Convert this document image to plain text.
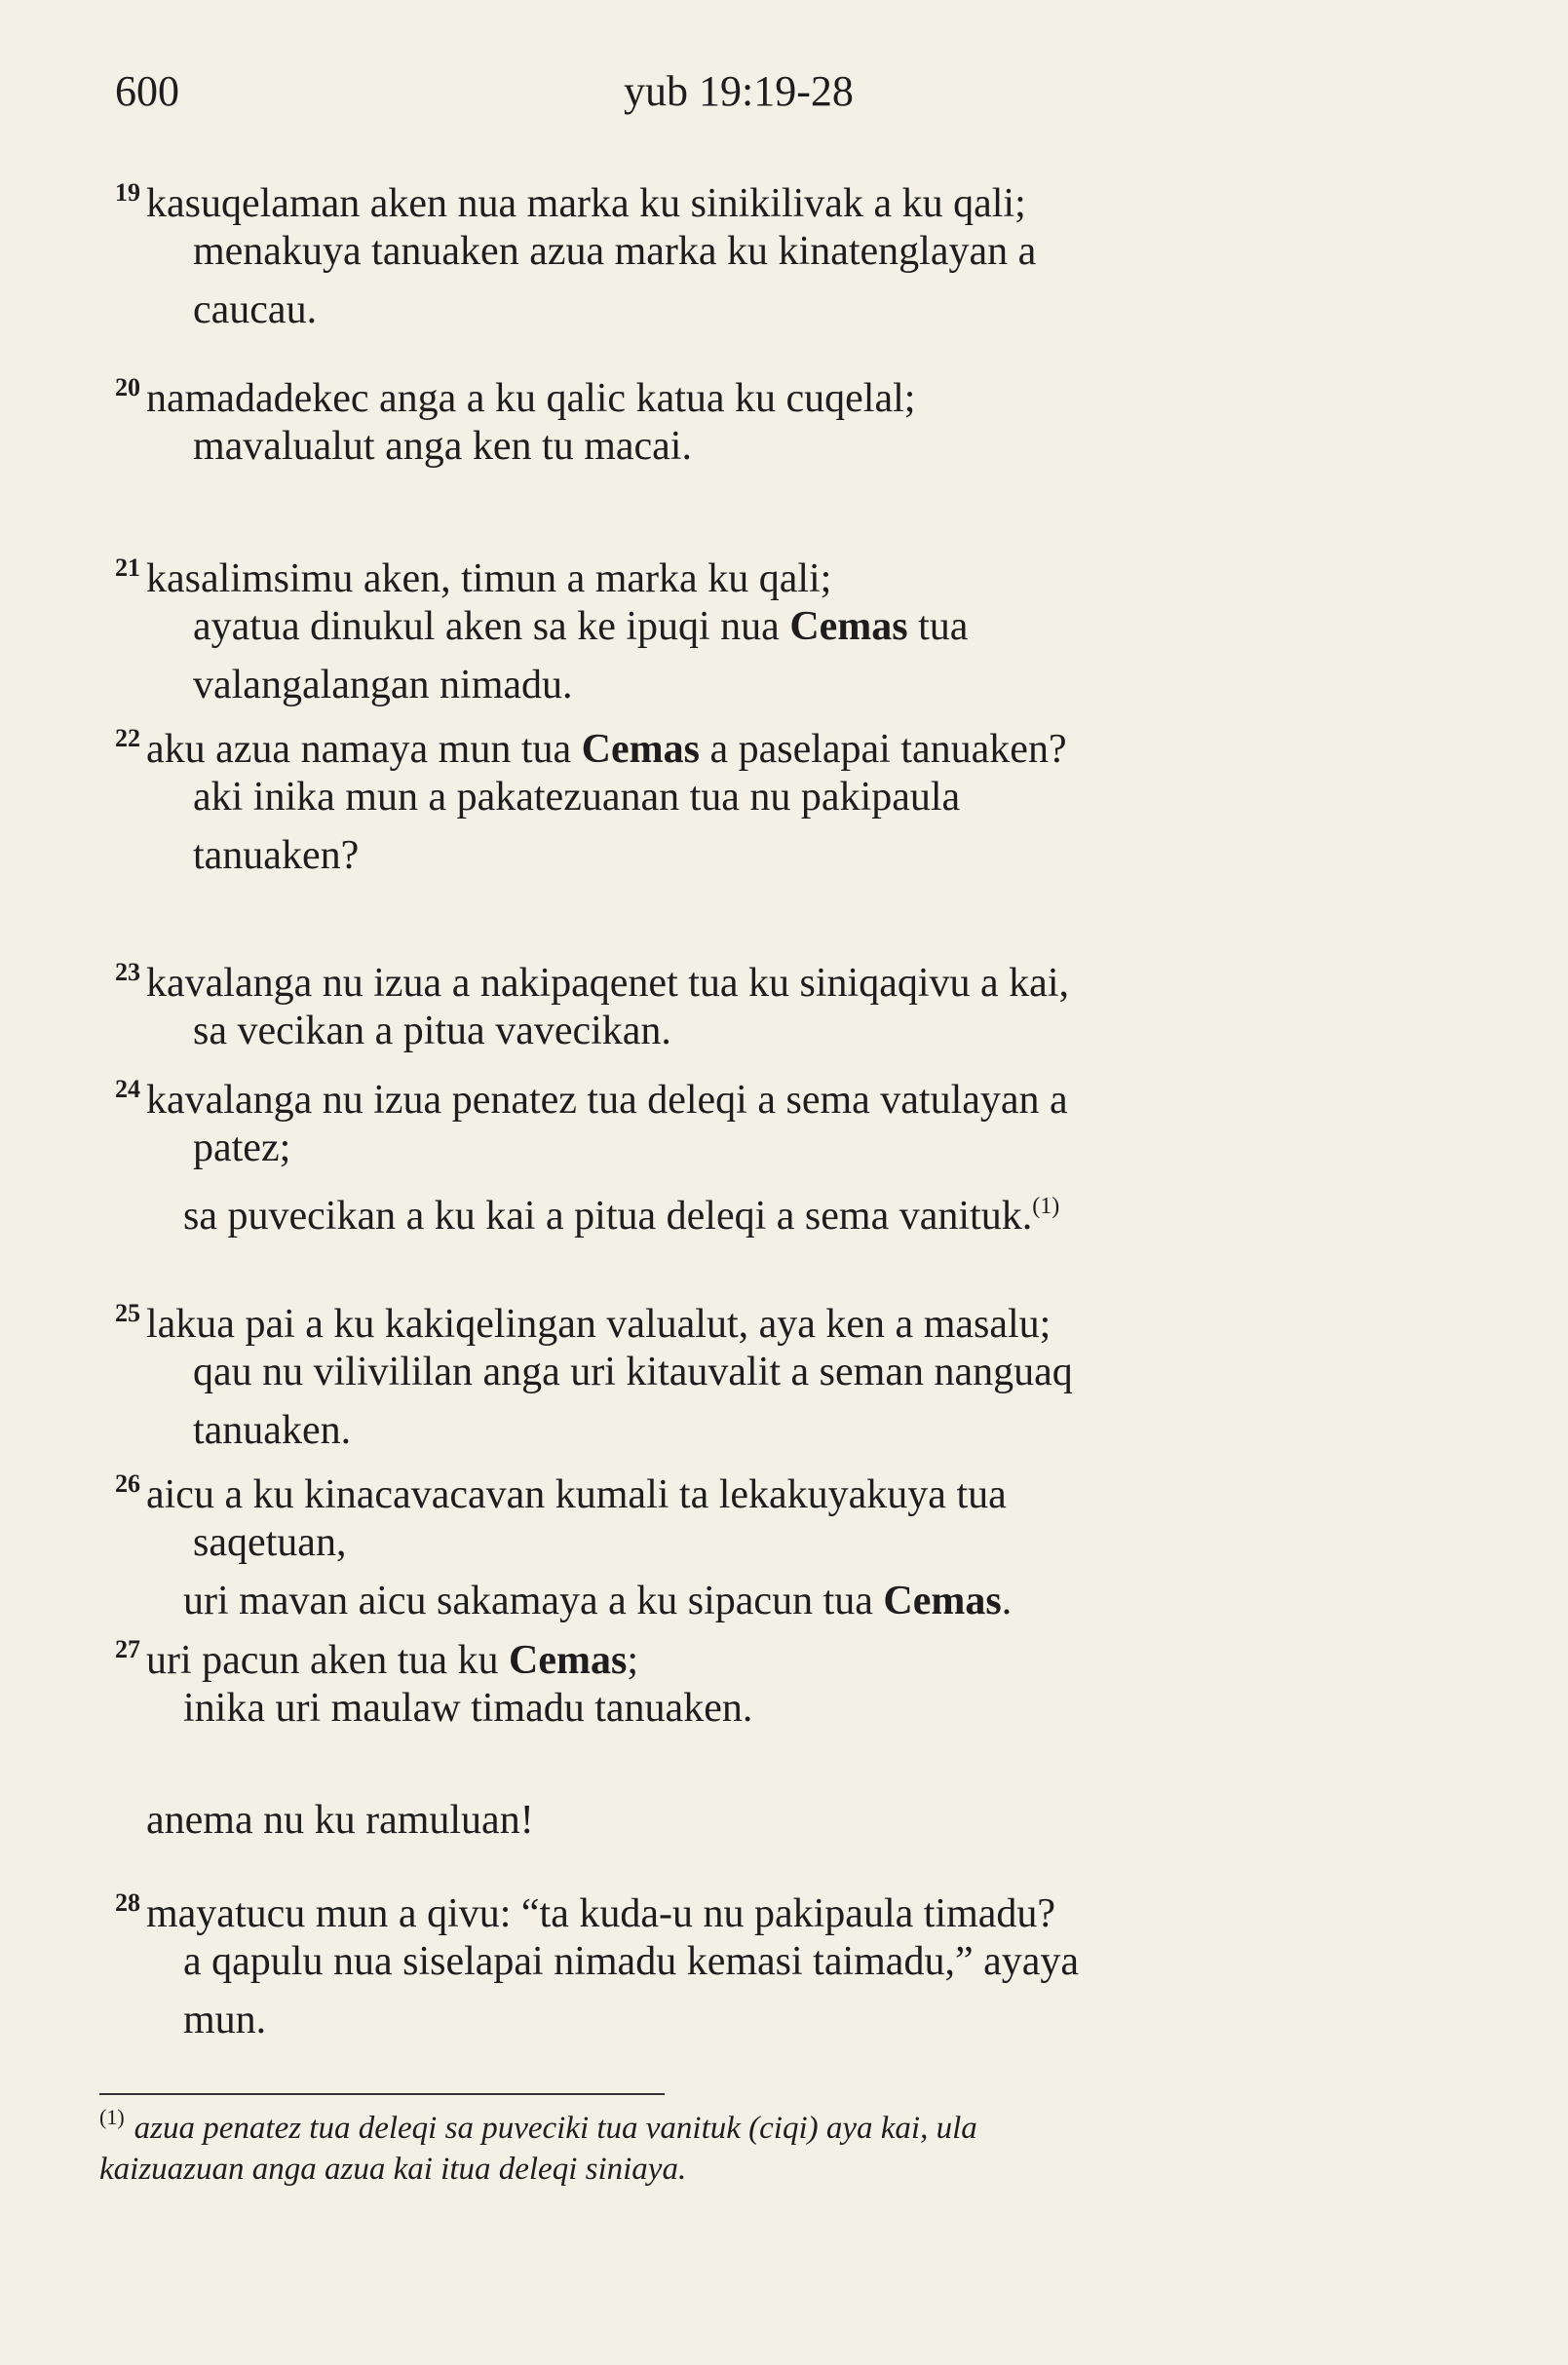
600	yub 19:19-28
$^{19}$ kasuqelaman aken nua marka ku sinikilivak a ku qali;
menakuya tanuaken azua marka ku kinatenglayan a
caucau.
$^{20}$ namadadekec anga a ku qalic katua ku cuqelal;
mavalualut anga ken tu macai.
$^{21}$ kasalimsimu aken, timun a marka ku qali;
ayatua dinukul aken sa ke ipuqi nua Cemas tua
valangalangan nimadu.
$^{22}$ aku azua namaya mun tua Cemas a paselapai tanuaken?
aki inika mun a pakatezuanan tua nu pakipaula
tanuaken?
$^{23}$ kavalanga nu izua a nakipaqenet tua ku siniqaqivu a kai,
sa vecikan a pitua vavecikan.
$^{24}$ kavalanga nu izua penatez tua deleqi a sema vatulayan a
patez;
sa puvecikan a ku kai a pitua deleqi a sema vanituk.$^{(1)}$
$^{25}$ lakua pai a ku kakiqelingan valualut, aya ken a masalu;
qau nu vilivililan anga uri kitauvalit a seman nanguaq
tanuaken.
$^{26}$ aicu a ku kinacavacavan kumali ta lekakuyakuya tua
saqetuan,
uri mavan aicu sakamaya a ku sipacun tua Cemas.
$^{27}$ uri pacun aken tua ku Cemas;
inika uri maulaw timadu tanuaken.
anema nu ku ramuluan!
$^{28}$ mayatucu mun a qivu: “ta kuda-u nu pakipaula timadu?
a qapulu nua siselapai nimadu kemasi taimadu,” ayaya
mun.
$^{(1)}$ azua penatez tua deleqi sa puveciki tua vanituk (ciqi) aya kai, ula
kaizuazuan anga azua kai itua deleqi siniaya.
